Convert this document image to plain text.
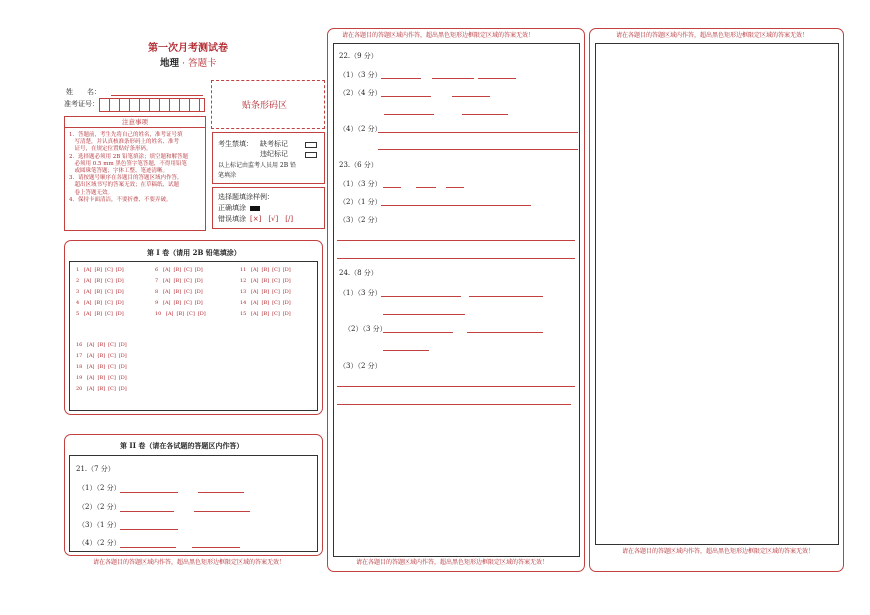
第一次月考测试卷
地理 · 答题卡
姓　　名：
准考证号：	贴条形码区
注意事项

1．答题前，考生先将自己的姓名，准考证号填

　写清楚，并认真核准条形码上的姓名、准考

　证号，在规定位置贴好条形码。

2．选择题必须用 2B 铅笔填涂；填空题和解答题

　必须用 0.5 mm 黑色签字笔答题，不得用铅笔

　或圆珠笔答题；字体工整、笔迹清晰。

3．请按题号顺序在各题目的答题区域内作答，

　超出区域书写的答案无效；在草稿纸、试题

　卷上答题无效。

4．保持卡面清洁，不要折叠、不要弄破。

考生禁填： 缺考标记
违纪标记
以上标记由监考人员用 2B 铅
笔填涂
选择题填涂样例：
正确填涂
错误填涂 [×]　[√]　[/]
第 I 卷（请用 2B 铅笔填涂）
1 [A] [B] [C] [D]
2 [A] [B] [C] [D]
3 [A] [B] [C] [D]
4 [A] [B] [C] [D]
5 [A] [B] [C] [D]
6 [A] [B] [C] [D]
7 [A] [B] [C] [D]
8 [A] [B] [C] [D]
9 [A] [B] [C] [D]
10 [A] [B] [C] [D]
11 [A] [B] [C] [D]
12 [A] [B] [C] [D]
13 [A] [B] [C] [D]
14 [A] [B] [C] [D]
15 [A] [B] [C] [D]
16 [A] [B] [C] [D]
17 [A] [B] [C] [D]
18 [A] [B] [C] [D]
19 [A] [B] [C] [D]
20 [A] [B] [C] [D]
第 II 卷（请在各试题的答题区内作答）
21.（7 分）
（1）（2 分）
（2）（2 分）
（3）（1 分）
（4）（2 分）
请在各题目的答题区域内作答，超出黑色矩形边框限定区域的答案无效！
请在各题目的答题区域内作答，超出黑色矩形边框限定区域的答案无效！
22.（9 分）
（1）（3 分）
（2）（4 分）
（4）（2 分）
23.（6 分）
（1）（3 分）
（2）（1 分）
（3）（2 分）
24.（8 分）
（1）（3 分）
（2）（3 分）
（3）（2 分）
请在各题目的答题区域内作答，超出黑色矩形边框限定区域的答案无效！
请在各题目的答题区域内作答，超出黑色矩形边框限定区域的答案无效！
请在各题目的答题区域内作答，超出黑色矩形边框限定区域的答案无效！
